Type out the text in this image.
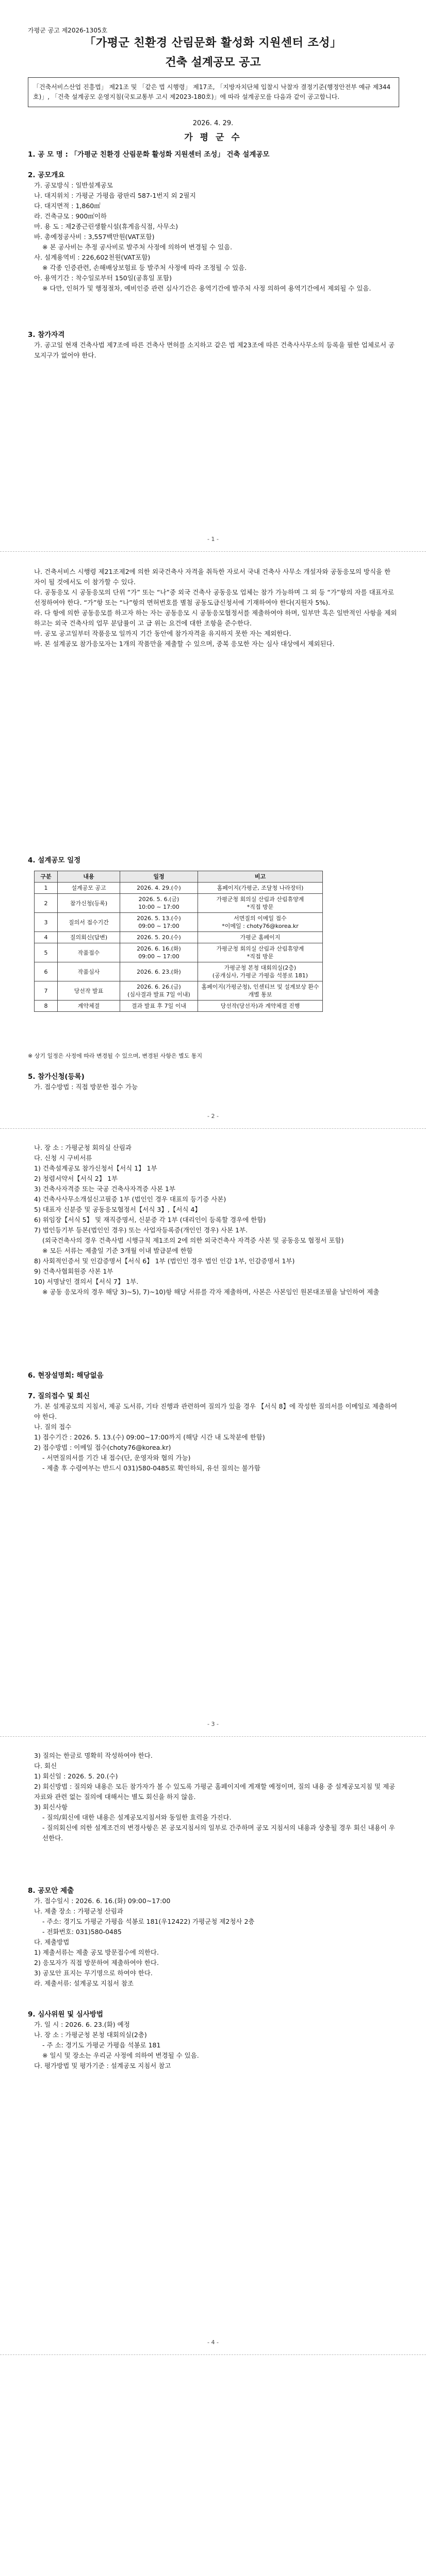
가평군 공고 제2026-1305호
「가평군 친환경 산림문화 활성화 지원센터 조성」
건축 설계공모 공고
「건축서비스산업 진흥법」 제21조 및 「같은 법 시행령」 제17조, 「지방자치단체 입찰시 낙찰자 결정기준(행정안전부 예규 제344호)」, 「건축 설계공모 운영지침(국토교통부 고시 제2023-180호)」에 따라 설계공모를 다음과 같이 공고합니다.
2026. 4. 29.
가 평 군 수
1. 공 모 명 : 「가평군 친환경 산림문화 활성화 지원센터 조성」 건축 설계공모
2. 공모개요
가. 공모방식 : 일반설계공모
나. 대지위치 : 가평군 가평읍 광판리 587-1번지 외 2필지
다. 대지면적 : 1,860㎡
라. 건축규모 : 900㎡이하
마. 용 도 : 제2종근린생활시설(휴게음식점, 사무소)
바. 총예정공사비 : 3,557백만원(VAT포함)
※ 본 공사비는 추정 공사비로 발주처 사정에 의하여 변경될 수 있음.
사. 설계용역비 : 226,602천원(VAT포함)
※ 각종 인증관련, 손해배상보험료 등 발주처 사정에 따라 조정될 수 있음.
아. 용역기간 : 착수일로부터 150일(공휴일 포함)
※ 다만, 인허가 및 행정절차, 예비인증 관련 심사기간은 용역기간에 발주처 사정 의하여 용역기간에서 제외될 수 있음.
3. 참가자격
가. 공고일 현재 건축사법 제7조에 따른 건축사 면허를 소지하고 같은 법 제23조에 따른 건축사사무소의 등록을 필한 업체로서 공모지구가 없어야 한다.
- 1 -
나. 건축서비스 시행령 제21조제2에 의한 외국건축사 자격을 취득한 자로서 국내 건축사 사무소 개설자와 공동응모의 방식을 한 자이 될 것에서도 이 참가할 수 있다.
다. 공동응모 시 공동응모의 단위 “가” 또는 “나”중 외국 건축사 공동응모 업체는 참가 가능하며 그 외 등 “가”항의 자를 대표자로 선정하여야 한다. “가”항 또는 “나”항의 면허번호를 별첨 공동도급신청서에 기재하여야 한다(지원자 5%).
라. 다 항에 의한 공동응모를 하고자 하는 자는 공동응모 시 공동응모협정서를 제출하여야 하며, 일부만 혹은 일반적인 사항을 제외하고는 외국 건축사의 업무 분담률이 고 급 위는 요건에 대한 조항을 준수한다.
마. 공모 공고일부터 작품응모 일까지 기간 동안에 참가자격을 유지하지 못한 자는 제외한다.
바. 본 설계공모 참가응모자는 1개의 작품만을 제출할 수 있으며, 중복 응모한 자는 심사 대상에서 제외된다.
4. 설계공모 일정
구분	내용	일정	비고
1	설계공모 공고	2026. 4. 29.(수)	홈페이지(가평군, 조달청 나라장터)
2	참가신청(등록)	2026. 5. 6.(금)
10:00 ~ 17:00	가평군청 회의실 산림과 산림휴양계
*직접 방문
3	질의서 접수기간	2026. 5. 13.(수)
09:00 ~ 17:00	서면질의 이메일 접수
*이메일 : choty76@korea.kr
4	질의회신(답변)	2026. 5. 20.(수)	가평군 홈페이지
5	작품접수	2026. 6. 16.(화)
09:00 ~ 17:00	가평군청 회의실 산림과 산림휴양계
*직접 방문
6	작품심사	2026. 6. 23.(화)	가평군청 본청 대회의실(2층)
(공개심사, 가평군 가평읍 석봉로 181)
7	당선작 발표	2026. 6. 26.(금)
(심사결과 발표 7일 이내)	홈페이지(가평군청), 인센티브 및 설계보상 환수 개별 통보
8	계약체결	결과 발표 후 7일 이내	당선작(당선자)과 계약체결 진행
※ 상기 일정은 사정에 따라 변경될 수 있으며, 변경된 사항은 별도 통지
5. 참가신청(등록)
가. 접수방법 : 직접 방문한 접수 가능
- 2 -
나. 장 소 : 가평군청 회의실 산림과
다. 신청 시 구비서류
1) 건축설계공모 참가신청서【서식 1】 1부
2) 청렴서약서【서식 2】 1부
3) 건축사자격증 또는 국공 건축사자격증 사본 1부
4) 건축사사무소개설신고필증 1부 (법인인 경우 대표의 등기증 사본)
5) 대표자 신분증 및 공동응모협정서【서식 3】,【서식 4】
6) 위임장【서식 5】 및 재직증명서, 신분증 각 1부 (대리인이 등록할 경우에 한함)
7) 법인등기부 등본(법인인 경우) 또는 사업자등록증(개인인 경우) 사본 1부.
(외국건축사의 경우 건축사법 시행규칙 제1조의 2에 의한 외국건축사 자격증 사본 및 공동응모 협정서 포함)
※ 모든 서류는 제출일 기준 3개월 이내 발급분에 한함
8) 사회적인증서 및 인감증명서【서식 6】 1부 (법인인 경우 법인 인감 1부, 인감증명서 1부)
9) 건축사협회원증 사본 1부
10) 서명날인 결의서【서식 7】 1부.
※ 공동 응모자의 경우 해당 3)~5), 7)~10)항 해당 서류를 각자 제출하며, 사본은 사본임인 원본대조필을 날인하여 제출
6. 현장설명회: 해당없음
7. 질의접수 및 회신
가. 본 설계공모의 지침서, 제공 도서류, 기타 진행과 관련하여 질의가 있을 경우 【서식 8】에 작성한 질의서를 이메일로 제출하여야 한다.
나. 질의 접수
1) 접수기간 : 2026. 5. 13.(수) 09:00~17:00까지 (해당 시간 내 도착분에 한함)
2) 접수방법 : 이메일 접수(choty76@korea.kr)
- 서면질의서를 기간 내 접수(단, 운영자와 협의 가능)
- 제출 후 수령여부는 반드시 031)580-0485로 확인하되, 유선 질의는 불가함
- 3 -
3) 질의는 한글로 명확히 작성하여야 한다.
다. 회신
1) 회신일 : 2026. 5. 20.(수)
2) 회신방법 : 질의와 내용은 모든 참가자가 볼 수 있도록 가평군 홈페이지에 게재할 예정이며, 질의 내용 중 설계공모지침 및 제공자료와 관련 없는 질의에 대해서는 별도 회신을 하지 않음.
3) 회신사항
- 질의/회신에 대한 내용은 설계공모지침서와 동일한 효력을 가진다.
- 질의회신에 의한 설계조건의 변경사항은 본 공모지침서의 일부로 간주하며 공모 지침서의 내용과 상충될 경우 회신 내용이 우선한다.
8. 공모안 제출
가. 접수일시 : 2026. 6. 16.(화) 09:00~17:00
나. 제출 장소 : 가평군청 산림과
- 주소: 경기도 가평군 가평읍 석봉로 181(우12422) 가평군청 제2청사 2층
- 전화번호: 031)580-0485
다. 제출방법
1) 제출서류는 제출 공모 방문접수에 의한다.
2) 응모자가 직접 방문하여 제출하여야 한다.
3) 공모안 표지는 무기명으로 하여야 한다.
라. 제출서류: 설계공모 지침서 참조
9. 심사위원 및 심사방법
가. 일 시 : 2026. 6. 23.(화) 예정
나. 장 소 : 가평군청 본청 대회의실(2층)
- 주 소: 경기도 가평군 가평읍 석봉로 181
※ 일시 및 장소는 우리군 사정에 의하여 변경될 수 있음.
다. 평가방법 및 평가기준 : 설계공모 지침서 참고
- 4 -
